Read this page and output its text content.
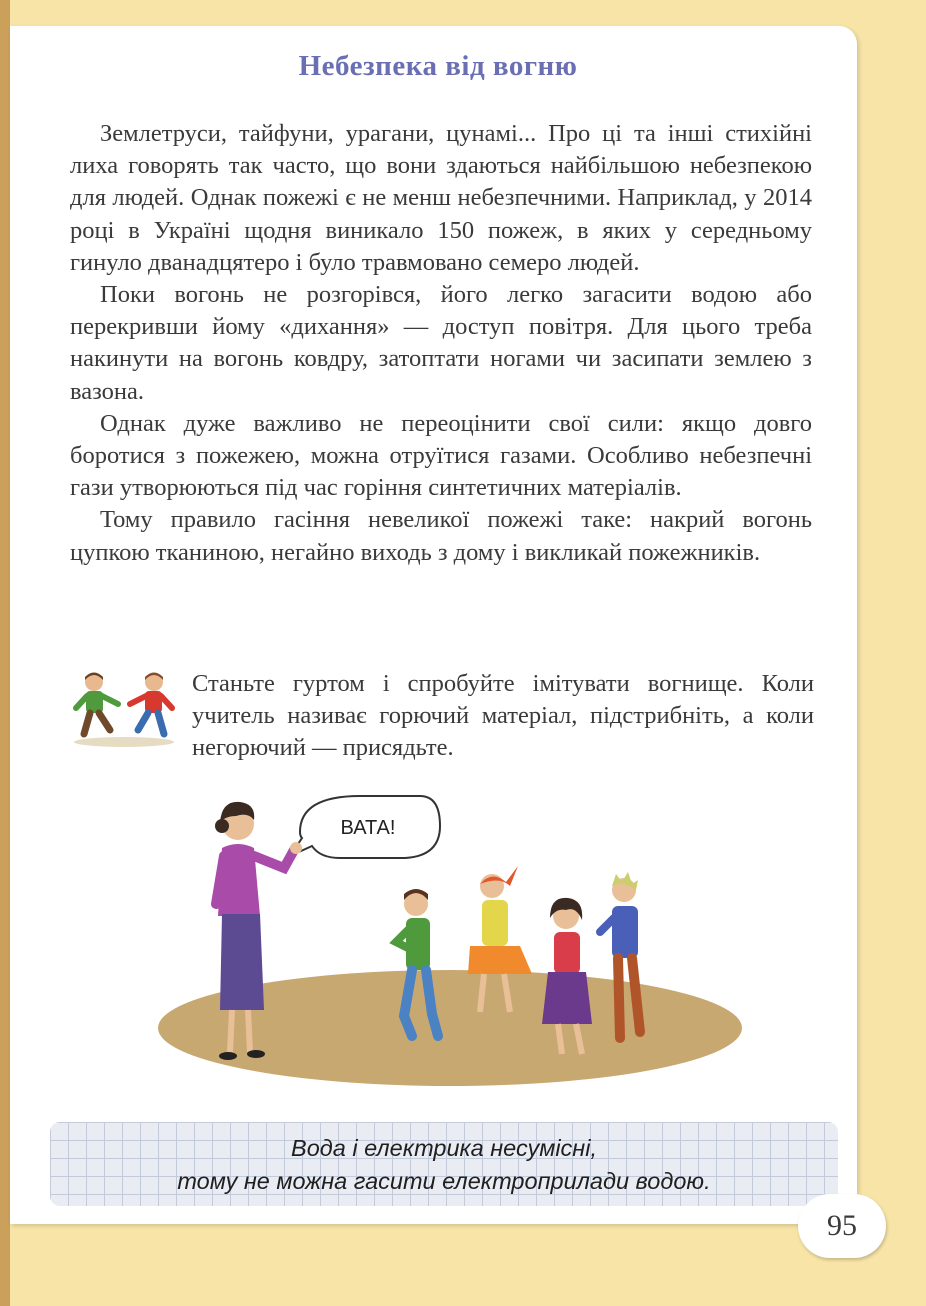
Небезпека від вогню

Землетруси, тайфуни, урагани, цунамі... Про ці та інші стихійні лиха говорять так часто, що вони здаються найбільшою небезпекою для людей. Однак пожежі є не менш небезпечними. Наприклад, у 2014 році в Україні щодня виникало 150 пожеж, в яких у середньому гинуло дванадцятеро і було травмовано семеро людей.

Поки вогонь не розгорівся, його легко загасити водою або перекривши йому «дихання» — доступ повітря. Для цього треба накинути на вогонь ковдру, затоптати ногами чи засипати землею з вазона.

Однак дуже важливо не переоцінити свої сили: якщо довго боротися з пожежею, можна отруїтися газами. Особливо небезпечні гази утворюються під час горіння синтетичних матеріалів.

Тому правило гасіння невеликої пожежі таке: накрий вогонь цупкою тканиною, негайно виходь з дому і викликай пожежників.

Станьте гуртом і спробуйте імітувати вогнище. Коли учитель називає горючий матеріал, підстрибніть, а коли негорючий — присядьте.
ВАТА!
Вода і електрика несумісні,
тому не можна гасити електроприлади водою.
95
